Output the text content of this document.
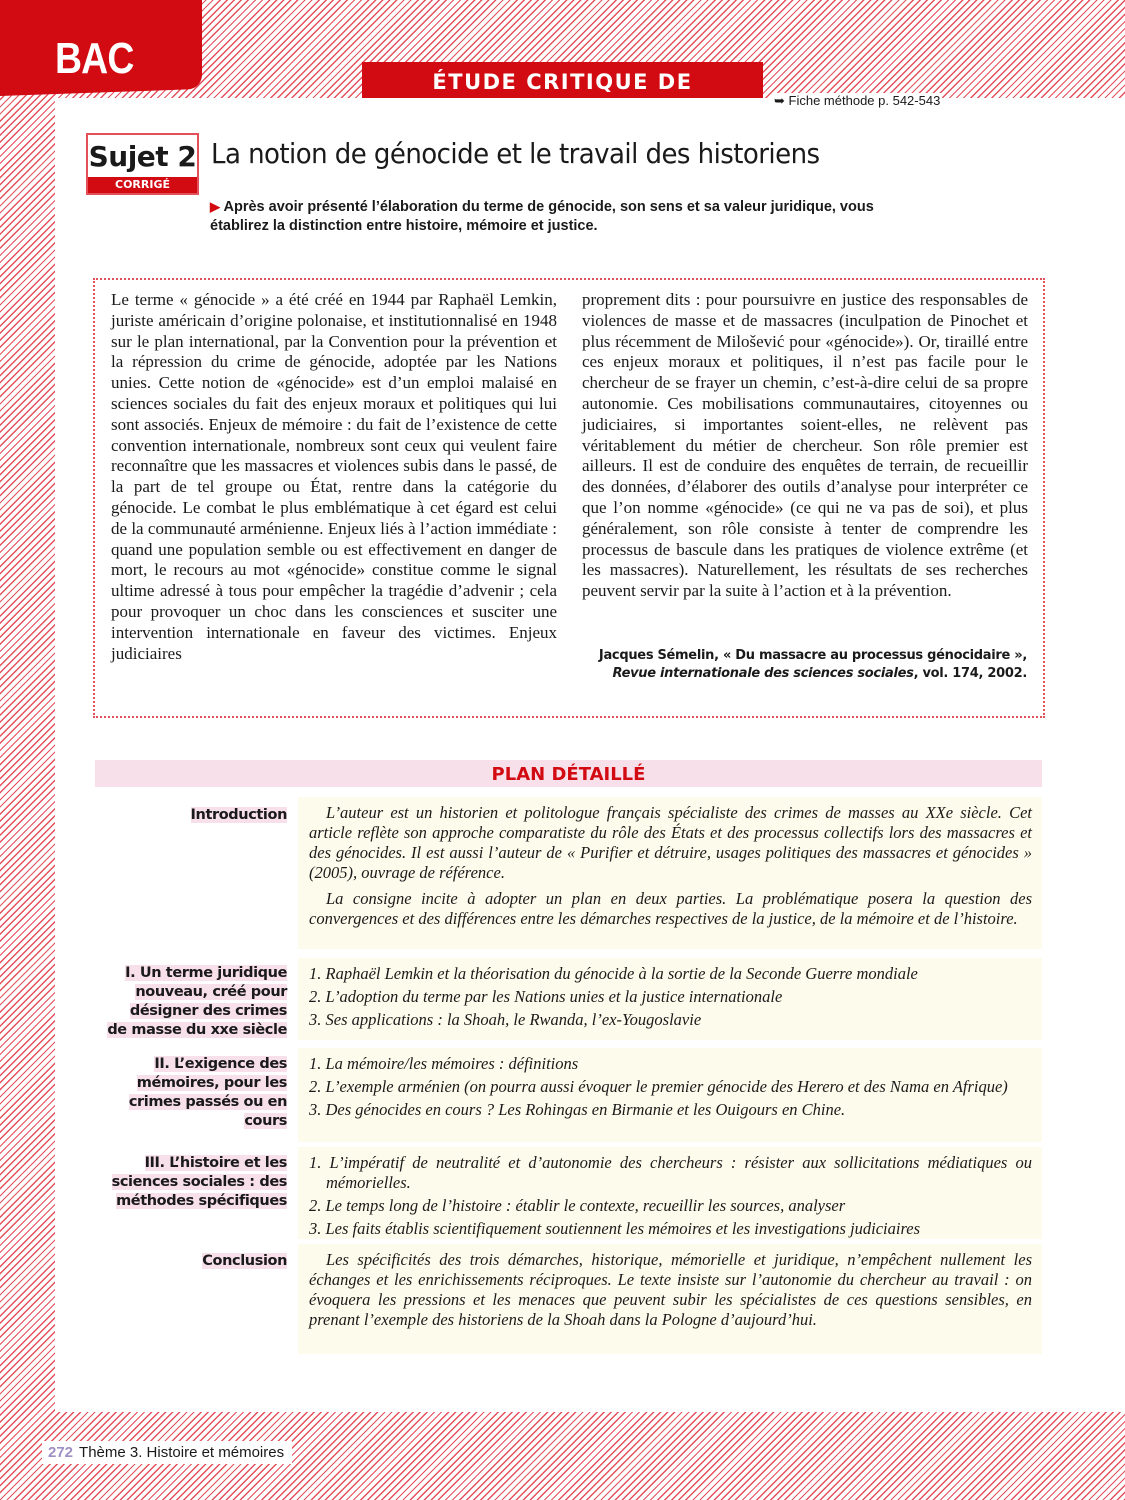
BAC	ÉTUDE CRITIQUE DE DOCUMENTS
➥ Fiche méthode p. 542-543
Sujet 2
CORRIGÉ
La notion de génocide et le travail des historiens
▶ Après avoir présenté l’élaboration du terme de génocide, son sens et sa valeur juridique, vous établirez la distinction entre histoire, mémoire et justice.
Le terme « génocide » a été créé en 1944 par Raphaël Lemkin, juriste américain d’origine polonaise, et institutionnalisé en 1948 sur le plan international, par la Convention pour la prévention et la répression du crime de génocide, adoptée par les Nations unies. Cette notion de «génocide» est d’un emploi malaisé en sciences sociales du fait des enjeux moraux et politiques qui lui sont associés. Enjeux de mémoire : du fait de l’existence de cette convention internationale, nombreux sont ceux qui veulent faire reconnaître que les massacres et violences subis dans le passé, de la part de tel groupe ou État, rentre dans la catégorie du génocide. Le combat le plus emblématique à cet égard est celui de la communauté arménienne. Enjeux liés à l’action immédiate : quand une population semble ou est effectivement en danger de mort, le recours au mot «génocide» constitue comme le signal ultime adressé à tous pour empêcher la tragédie d’advenir ; cela pour provoquer un choc dans les consciences et susciter une intervention internationale en faveur des victimes. Enjeux judiciaires
proprement dits : pour poursuivre en justice des responsables de violences de masse et de massacres (inculpation de Pinochet et plus récemment de Milošević pour «génocide»). Or, tiraillé entre ces enjeux moraux et politiques, il n’est pas facile pour le chercheur de se frayer un chemin, c’est-à-dire celui de sa propre autonomie. Ces mobilisations communautaires, citoyennes ou judiciaires, si importantes soient-elles, ne relèvent pas véritablement du métier de chercheur. Son rôle premier est ailleurs. Il est de conduire des enquêtes de terrain, de recueillir des données, d’élaborer des outils d’analyse pour interpréter ce que l’on nomme «génocide» (ce qui ne va pas de soi), et plus généralement, son rôle consiste à tenter de comprendre les processus de bascule dans les pratiques de violence extrême (et les massacres). Naturellement, les résultats de ses recherches peuvent servir par la suite à l’action et à la prévention.
Jacques Sémelin, « Du massacre au processus génocidaire »,
Revue internationale des sciences sociales, vol. 174, 2002.
PLAN DÉTAILLÉ
Introduction	L’auteur est un historien et politologue français spécialiste des crimes de masses au XXe siècle. Cet article reflète son approche comparatiste du rôle des États et des processus collectifs lors des massacres et des génocides. Il est aussi l’auteur de « Purifier et détruire, usages politiques des massacres et génocides » (2005), ouvrage de référence.

La consigne incite à adopter un plan en deux parties. La problématique posera la question des convergences et des différences entre les démarches respectives de la justice, de la mémoire et de l’histoire.

I. Un terme juridique nouveau, créé pour désigner des crimes de masse du xxe siècle
1. Raphaël Lemkin et la théorisation du génocide à la sortie de la Seconde Guerre mondiale
2. L’adoption du terme par les Nations unies et la justice internationale
3. Ses applications : la Shoah, le Rwanda, l’ex-Yougoslavie
II. L’exigence des mémoires, pour les crimes passés ou en cours
1. La mémoire/les mémoires : définitions
2. L’exemple arménien (on pourra aussi évoquer le premier génocide des Herero et des Nama en Afrique)
3. Des génocides en cours ? Les Rohingas en Birmanie et les Ouigours en Chine.
III. L’histoire et les sciences sociales : des méthodes spécifiques
1. L’impératif de neutralité et d’autonomie des chercheurs : résister aux sollicitations médiatiques ou mémorielles.
2. Le temps long de l’histoire : établir le contexte, recueillir les sources, analyser
3. Les faits établis scientifiquement soutiennent les mémoires et les investigations judiciaires
Conclusion	Les spécificités des trois démarches, historique, mémorielle et juridique, n’empêchent nullement les échanges et les enrichissements réciproques. Le texte insiste sur l’autonomie du chercheur au travail : on évoquera les pressions et les menaces que peuvent subir les spécialistes de ces questions sensibles, en prenant l’exemple des historiens de la Shoah dans la Pologne d’aujourd’hui.

272 Thème 3. Histoire et mémoires
